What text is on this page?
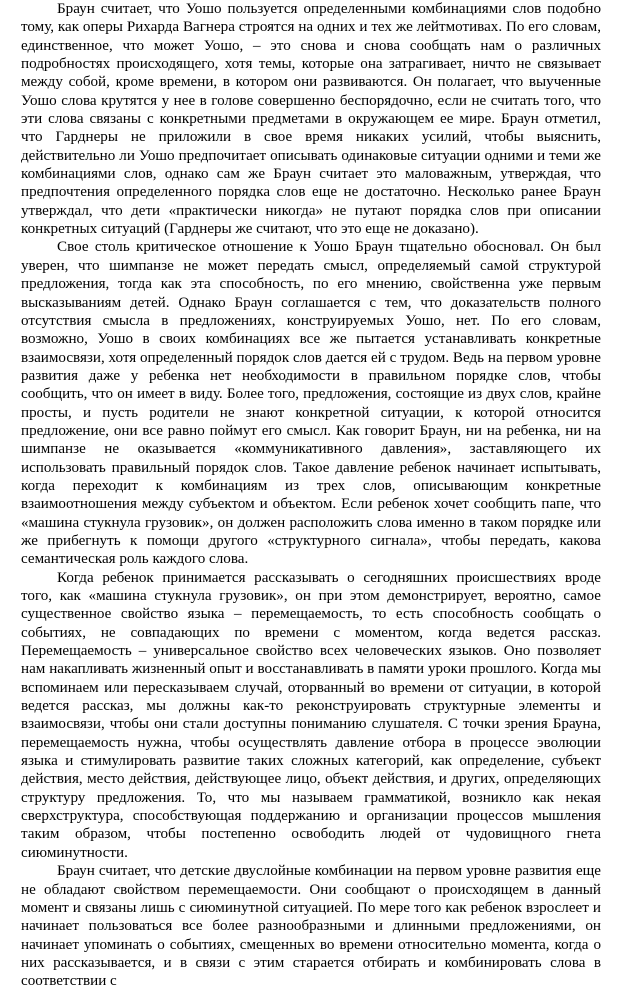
Браун считает, что Уошо пользуется определенными комбинациями слов подобно тому, как оперы Рихарда Вагнера строятся на одних и тех же лейтмотивах. По его словам, единственное, что может Уошо, – это снова и снова сообщать нам о различных подробностях происходящего, хотя темы, которые она затрагивает, ничто не связывает между собой, кроме времени, в котором они развиваются. Он полагает, что выученные Уошо слова крутятся у нее в голове совершенно беспорядочно, если не считать того, что эти слова связаны с конкретными предметами в окружающем ее мире. Браун отметил, что Гарднеры не приложили в свое время никаких усилий, чтобы выяснить, действительно ли Уошо предпочитает описывать одинаковые ситуации одними и теми же комбинациями слов, однако сам же Браун считает это маловажным, утверждая, что предпочтения определенного порядка слов еще не достаточно. Несколько ранее Браун утверждал, что дети «практически никогда» не путают порядка слов при описании конкретных ситуаций (Гарднеры же считают, что это еще не доказано).

Свое столь критическое отношение к Уошо Браун тщательно обосновал. Он был уверен, что шимпанзе не может передать смысл, определяемый самой структурой предложения, тогда как эта способность, по его мнению, свойственна уже первым высказываниям детей. Однако Браун соглашается с тем, что доказательств полного отсутствия смысла в предложениях, конструируемых Уошо, нет. По его словам, возможно, Уошо в своих комбинациях все же пытается устанавливать конкретные взаимосвязи, хотя определенный порядок слов дается ей с трудом. Ведь на первом уровне развития даже у ребенка нет необходимости в правильном порядке слов, чтобы сообщить, что он имеет в виду. Более того, предложения, состоящие из двух слов, крайне просты, и пусть родители не знают конкретной ситуации, к которой относится предложение, они все равно поймут его смысл. Как говорит Браун, ни на ребенка, ни на шимпанзе не оказывается «коммуникативного давления», заставляющего их использовать правильный порядок слов. Такое давление ребенок начинает испытывать, когда переходит к комбинациям из трех слов, описывающим конкретные взаимоотношения между субъектом и объектом. Если ребенок хочет сообщить папе, что «машина стукнула грузовик», он должен расположить слова именно в таком порядке или же прибегнуть к помощи другого «структурного сигнала», чтобы передать, какова семантическая роль каждого слова.

Когда ребенок принимается рассказывать о сегодняшних происшествиях вроде того, как «машина стукнула грузовик», он при этом демонстрирует, вероятно, самое существенное свойство языка – перемещаемость, то есть способность сообщать о событиях, не совпадающих по времени с моментом, когда ведется рассказ. Перемещаемость – универсальное свойство всех человеческих языков. Оно позволяет нам накапливать жизненный опыт и восстанавливать в памяти уроки прошлого. Когда мы вспоминаем или пересказываем случай, оторванный во времени от ситуации, в которой ведется рассказ, мы должны как-то реконструировать структурные элементы и взаимосвязи, чтобы они стали доступны пониманию слушателя. С точки зрения Брауна, перемещаемость нужна, чтобы осуществлять давление отбора в процессе эволюции языка и стимулировать развитие таких сложных категорий, как определение, субъект действия, место действия, действующее лицо, объект действия, и других, определяющих структуру предложения. То, что мы называем грамматикой, возникло как некая сверхструктура, способствующая поддержанию и организации процессов мышления таким образом, чтобы постепенно освободить людей от чудовищного гнета сиюминутности.

Браун считает, что детские двуслойные комбинации на первом уровне развития еще не обладают свойством перемещаемости. Они сообщают о происходящем в данный момент и связаны лишь с сиюминутной ситуацией. По мере того как ребенок взрослеет и начинает пользоваться все более разнообразными и длинными предложениями, он начинает упоминать о событиях, смещенных во времени относительно момента, когда о них рассказывается, и в связи с этим старается отбирать и комбинировать слова в соответствии с
